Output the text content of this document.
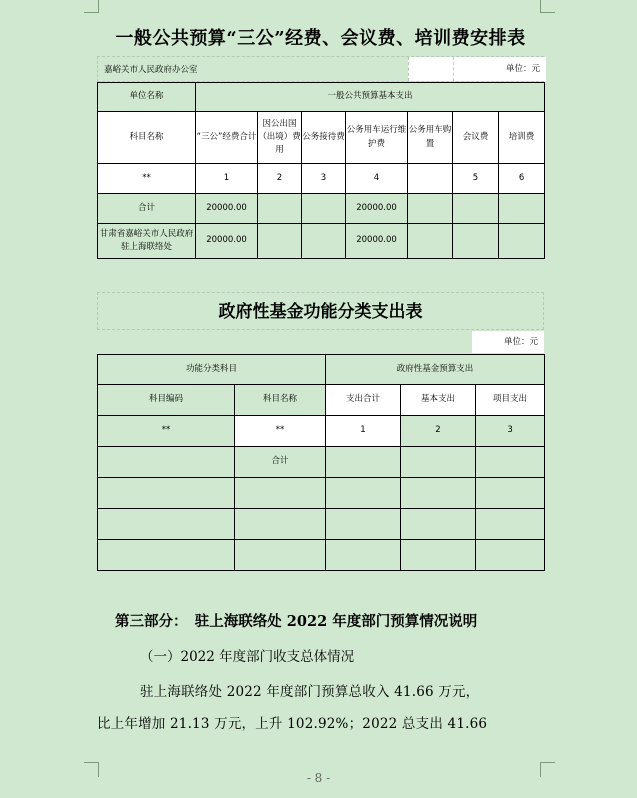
一般公共预算“三公”经费、会议费、培训费安排表
嘉峪关市人民政府办公室	单位：元
单位名称	一般公共预算基本支出						
科目名称	“三公”经费合计	因公出国（出境）费用	公务接待费	公务用车运行维护费	公务用车购置	会议费	培训费
**	1	2	3	4		5	6
合计	20000.00			20000.00			
甘肃省嘉峪关市人民政府驻上海联络处	20000.00			20000.00			
政府性基金功能分类支出表
单位：元
功能分类科目		政府性基金预算支出		
科目编码	科目名称	支出合计	基本支出	项目支出
**	**	1	2	3
	合计			

第三部分：　驻上海联络处 2022 年度部门预算情况说明
（一）2022 年度部门收支总体情况
驻上海联络处 2022 年度部门预算总收入 41.66 万元，
比上年增加 21.13 万元，上升 102.92%；2022 总支出 41.66
- 8 -
